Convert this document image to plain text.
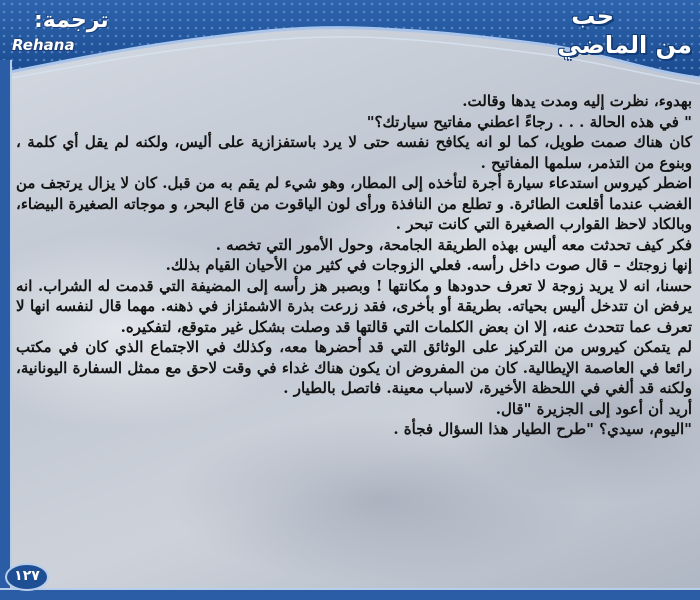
ترجمة:
Rehana
حب
من الماضي
١٢٧

بهدوء، نظرت إليه ومدت يدها وقالت.

" في هذه الحالة . . . رجاءً اعطني مفاتيح سيارتك؟"

كان هناك صمت طويل، كما لو انه يكافح نفسه حتى لا يرد باستفزازية على أليس، ولكنه لم يقل أي كلمة ، وبنوع من التذمر، سلمها المفاتيح .

اضطر كيروس استدعاء سيارة أجرة لتأخذه إلى المطار، وهو شيء لم يقم به من قبل. كان لا يزال يرتجف من الغضب عندما أقلعت الطائرة. و تطلع من النافذة ورأى لون الياقوت من قاع البحر، و موجاته الصغيرة البيضاء، وبالكاد لاحظ القوارب الصغيرة التي كانت تبحر .

فكر كيف تحدثت معه أليس بهذه الطريقة الجامحة، وحول الأمور التي تخصه .

إنها زوجتك – قال صوت داخل رأسه. فعلي الزوجات في كثير من الأحيان القيام بذلك.

حسنا، انه لا يريد زوجة لا تعرف حدودها و مكانتها ! وبصبر هز رأسه إلى المضيفة التي قدمت له الشراب. انه يرفض ان تتدخل أليس بحياته. بطريقة أو بأخرى، فقد زرعت بذرة الاشمئزاز في ذهنه. مهما قال لنفسه انها لا تعرف عما تتحدث عنه، إلا ان بعض الكلمات التي قالتها قد وصلت بشكل غير متوقع، لتفكيره.

لم يتمكن كيروس من التركيز على الوثائق التي قد أحضرها معه، وكذلك في الاجتماع الذي كان في مكتب رائعا في العاصمة الإيطالية. كان من المفروض ان يكون هناك غداء في وقت لاحق مع ممثل السفارة اليونانية، ولكنه قد ألغي في اللحظة الأخيرة، لاسباب معينة. فاتصل بالطيار .

أريد أن أعود إلى الجزيرة "قال.

"اليوم، سيدي؟ "طرح الطيار هذا السؤال فجأة .
